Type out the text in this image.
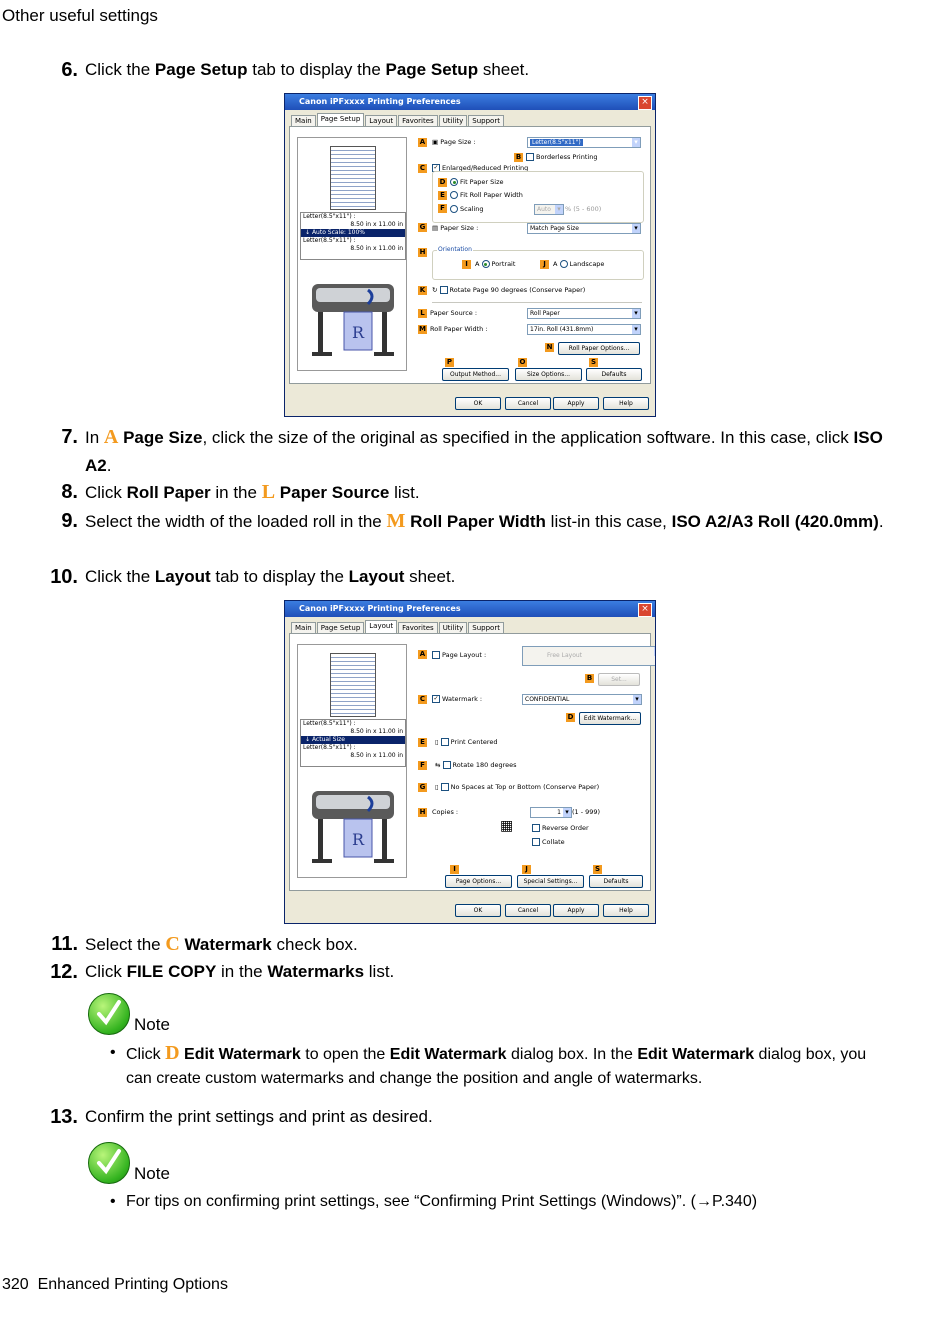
Other useful settings
6. Click the Page Setup tab to display the Page Setup sheet.
Canon iPFxxxx Printing Preferences	×
Main Page Setup Layout Favorites Utility Support
Letter(8.5"x11") :
8.50 in x 11.00 in
↓ Auto Scale: 100%
Letter(8.5"x11") :
8.50 in x 11.00 in
R
A ▣ Page Size :	Letter(8.5"x11") ▾
B	Borderless Printing
C	✓ Enlarged/Reduced Printing
D	Fit Paper Size
E	Fit Roll Paper Width
F	Scaling	Auto ▾	% (5 - 600)
G ▤ Paper Size :	Match Page Size ▾
H Orientation
I	A Portrait	J	A Landscape
K ↻ Rotate Page 90 degrees (Conserve Paper)
L Paper Source :	Roll Paper ▾
M Roll Paper Width :	17in. Roll (431.8mm) ▾
N	Roll Paper Options...
P	O	S
Output Method...	Size Options...	Defaults
OK	Cancel	Apply	Help
7. In A Page Size, click the size of the original as specified in the application software. In this case, click ISO A2.
8. Click Roll Paper in the L Paper Source list.
9. Select the width of the loaded roll in the M Roll Paper Width list-in this case, ISO A2/A3 Roll (420.0mm).
10. Click the Layout tab to display the Layout sheet.
Canon iPFxxxx Printing Preferences	×
Main Page Setup Layout Favorites Utility Support
Letter(8.5"x11") :
8.50 in x 11.00 in
↓ Actual Size
Letter(8.5"x11") :
8.50 in x 11.00 in
R
A	Page Layout :	Free Layout ▾
B	Set...
C	✓ Watermark :	CONFIDENTIAL ▾
D	Edit Watermark...
E	▯ Print Centered
F	⇆ Rotate 180 degrees
G ▯ No Spaces at Top or Bottom (Conserve Paper)
H Copies :	1 ▾	(1 - 999)
▦	Reverse Order
Collate
I	J	S
Page Options...	Special Settings...	Defaults
OK	Cancel	Apply	Help
11. Select the C Watermark check box.
12. Click FILE COPY in the Watermarks list.
Note
• Click D Edit Watermark to open the Edit Watermark dialog box. In the Edit Watermark dialog box, you can create custom watermarks and change the position and angle of watermarks.
13. Confirm the print settings and print as desired.
Note
• For tips on confirming print settings, see “Confirming Print Settings (Windows)”. (→P.340)
320 Enhanced Printing Options
